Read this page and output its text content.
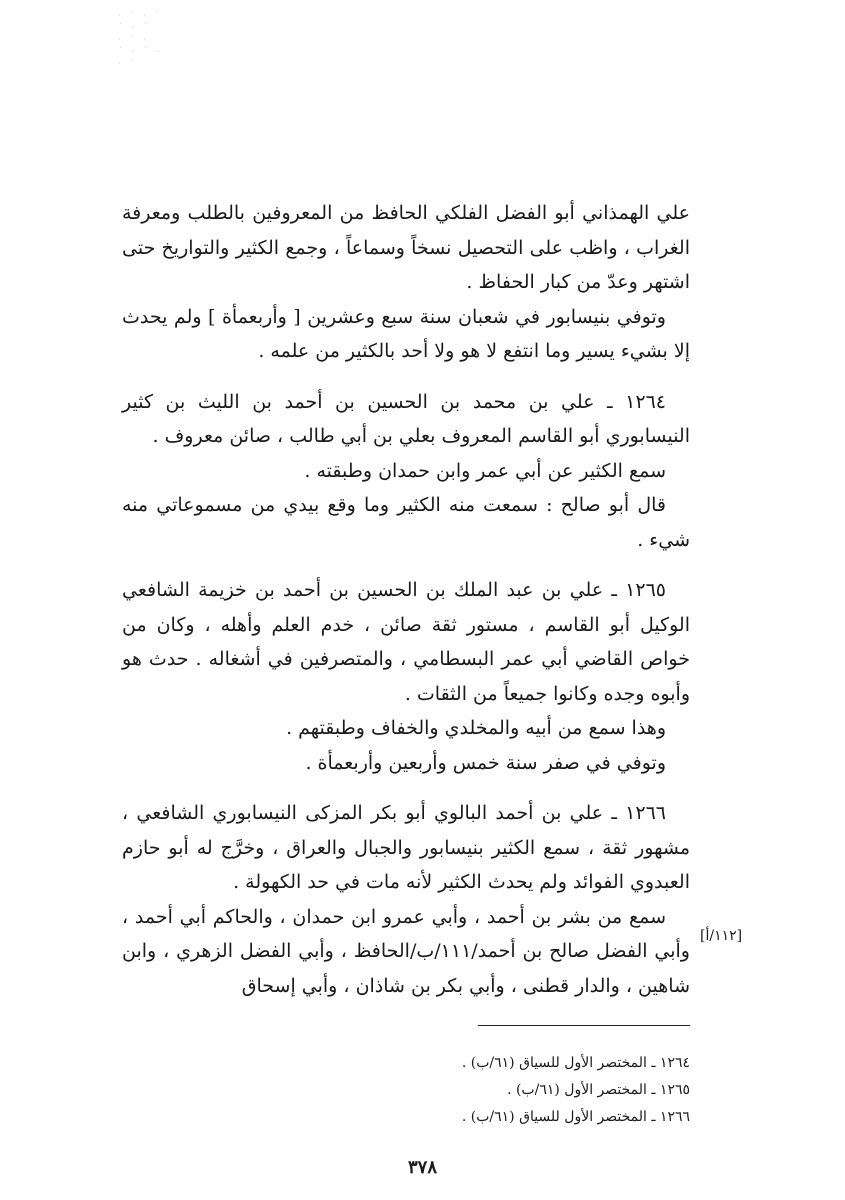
· ˙ · ˙
˙ · ˙
· ˙ ·
˙ · ˙ ·
· ˙

علي الهمذاني أبو الفضل الفلكي الحافظ من المعروفين بالطلب ومعرفة الغراب ، واظب على التحصيل نسخاً وسماعاً ، وجمع الكثير والتواريخ حتى اشتهر وعدّ من كبار الحفاظ .

وتوفي بنيسابور في شعبان سنة سبع وعشرين [ وأربعمأة ] ولم يحدث إلا بشيء يسير وما انتفع لا هو ولا أحد بالكثير من علمه .

١٢٦٤ ـ علي بن محمد بن الحسين بن أحمد بن الليث بن كثير النيسابوري أبو القاسم المعروف بعلي بن أبي طالب ، صائن معروف .

سمع الكثير عن أبي عمر وابن حمدان وطبقته .

قال أبو صالح : سمعت منه الكثير وما وقع بيدي من مسموعاتي منه شيء .

١٢٦٥ ـ علي بن عبد الملك بن الحسين بن أحمد بن خزيمة الشافعي الوكيل أبو القاسم ، مستور ثقة صائن ، خدم العلم وأهله ، وكان من خواص القاضي أبي عمر البسطامي ، والمتصرفين في أشغاله . حدث هو وأبوه وجده وكانوا جميعاً من الثقات .

وهذا سمع من أبيه والمخلدي والخفاف وطبقتهم .

وتوفي في صفر سنة خمس وأربعين وأربعمأة .

١٢٦٦ ـ علي بن أحمد البالوي أبو بكر المزكى النيسابوري الشافعي ، مشهور ثقة ، سمع الكثير بنيسابور والجبال والعراق ، وخرَّج له أبو حازم العبدوي الفوائد ولم يحدث الكثير لأنه مات في حد الكهولة .

سمع من بشر بن أحمد ، وأبي عمرو ابن حمدان ، والحاكم أبي أحمد ، وأبي الفضل صالح بن أحمد/١١١/ب/الحافظ ، وأبي الفضل الزهري ، وابن شاهين ، والدار قطنى ، وأبي بكر بن شاذان ، وأبي إسحاق

[١١٢/أ]

١٢٦٤ ـ المختصر الأول للسياق (٦١/ب) .

١٢٦٥ ـ المختصر الأول (٦١/ب) .

١٢٦٦ ـ المختصر الأول للسياق (٦١/ب) .

٣٧٨
